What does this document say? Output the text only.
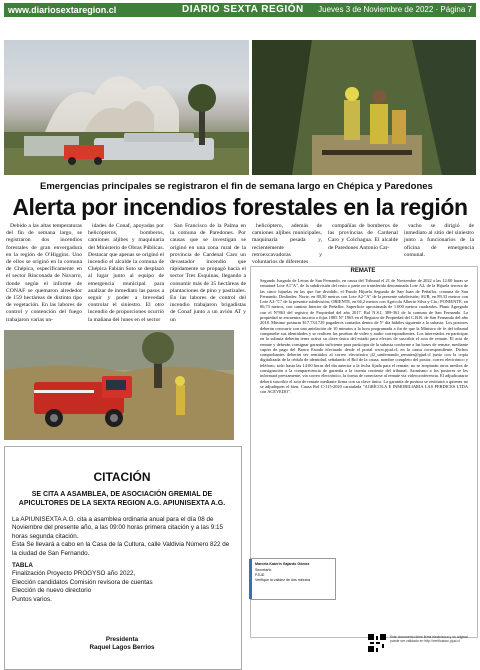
www.diariosextaregion.cl	DIARIO SEXTA REGIÓN Jueves 3 de Noviembre de 2022 · Página 7
Emergencias principales se registraron el fin de semana largo en Chépica y Paredones
Alerta por incendios forestales en la región

Debido a las altas temperaturas del fin de semana largo, se registraron dos incendios forestales de gran envergadura en la región de O'Higgins. Uno de ellos se originó en la comuna de Chépica, específicamente en el sector Rinconada de Navarro, donde según el informe de CONAF se quemaron alrededor de 159 hectáreas de distinto tipo de vegetación. En las labores de control y contención del fuego trabajaron varias un-

idades de Conaf, apoyadas por helicópteros, bomberos, camiones aljibes y maquinaria del Ministerio de Obras Públicas. Destacar que apenas se originó el incendio el alcalde la comuna de Chépica Fabián Soto se desplazó al lugar junto al equipo de emergencia municipal para analizar de inmediato las pasos a seguir y poder a brevedad controlar el siniestro. El otro incendio de proporciones ocurrió la mañana del lunes en el sector

San Francisco de la Palma en la comuna de Paredones. Por causas que se investigan se originó en una zona rural de la provincia de Cardenal Caro un devastador incendio que rápidamente se propagó hacia el sector Tres Esquinas, llegando a consumir más de 35 hectáreas de plantaciones de pino y pastizales. En las labores de control del incendio trabajaron brigadistas de Conaf junto a un avión AT y un

helicóptero, además de camiones aljibes municipales, maquinaria pesada y, recientemente retroexcavadoras y voluntarios de diferentes

compañías de bomberos de las provincias de Cardenal Caro y Colchagua. El alcalde de Paredones Antonio Car-

vacho se dirigió de inmediato al sitio del siniestro junto a funcionarios de la oficina de emergencia comunal.

REMATE
Segundo Juzgado de Letras de San Fernando, en causa del Tribunal el 21 de Noviembre de 2022 a las 12:00 horas se rematará Lote A1"A", de la subdivisión del resto o parte no transferida denominada Lote A2, de la Hijuela tercera de las cinco hijuelas en las que fue dividido, el Fundo Hijuela Segunda de San Juan de Peñaflor, comuna de San Fernando. Deslindes: Norte, en 80,30 metros con Lote A2-"A" de la presente subdivisión; SUR, en 89,33 metros con Lote A2-"C" de la presente subdivisión; ORIENTE, en 66,2 metros con Agrícola Alberto Silva y Cía.; PONIENTE, en 86,73 metros, con camino Interior de Peñaflor. Superficie aproximada de 1.000 metros cuadrados. Plano Agregado con el N°863 del registro de Propiedad del año 2017. Rol N.S.I. 389-361 de la comuna de San Fernando. La propiedad se encuentra inscrita a fojas 1885 N° 1963 en el Registro de Propiedad del C.B.R. de San Fernando del año 2018. Mínimo posturas $17.734.729 pagaderos contados dentro de 5° día hábiles siguiente a la subasta. Los postores deberán concurrir con una antelación de 10 minutos a la hora programada a fin de que la Ministro de fe del tribunal compruebe sus identidades y se realicen las pruebas de video y audio correspondientes. Los interesados en participar en la subasta deberán tener activa su clave única del estado para efectos de suscribir el acta de remate. El acta de remate y deberán consignar garantía suficiente para participar de la subasta conforme a las bases de remate, mediante cupón de pago del Banco Estado efectuado desde el portal www.pjud.cl, en la causa correspondiente. Dichos comprobantes deberán ser remitidos al correo electrónico jl2_sanfernando_remates@pjud.cl junto con la copia digitalizada de la cédula de identidad, señalando el Rol de la causa, nombre completo del postor, correo electrónico y teléfono, todo hasta las 14:00 horas del día anterior a la fecha fijada para el remate; no se aceptarán otros medios de consignación a la comparecencia de garantía a la cuenta corriente del tribunal. Asimismo a los postores se les informará previamente, vía correo electrónico, la forma de conectarse al remate vía videoconferencia. El adjudicatario deberá suscribir el acta de remate mediante firma con su clave única. La garantía de postura se restituirá a quienes no se adjudiquen el bien. Causa Rol C-115-2020 caratulada "AGRÍCOLA E INMOBILIARIA LAS PERDICES LTDA con ACEVEDO".
Marcela Katerin Gajardo Gómez
Secretario
PJUD
Verifique la validez de dos minutos
Este documento tiene firma electrónica y su original puede ser validado en http://verificadoc.pjud.cl
CITACIÓN
SE CITA A ASAMBLEA, DE ASOCIACIÓN GREMIAL DE APICULTORES DE LA SEXTA REGION A.G. APIUNISEXTA A.G.
La APIUNISEXTA A.G. cita a asamblea ordinaria anual para el día 08 de Noviembre del presente año, a las 09:00 horas primera citación y a las 9:15 horas segunda citación.
Esta Se llevará a cabo en la Casa de la Cultura, calle Valdivia Número 822 de la ciudad de San Fernando.
TABLA
Finalización Proyecto PROGYSO año 2022,
Elección candidatos Comisión revisora de cuentas
Elección de nuevo directorio
Puntos varios.
Presidenta
Raquel Lagos Berrios
